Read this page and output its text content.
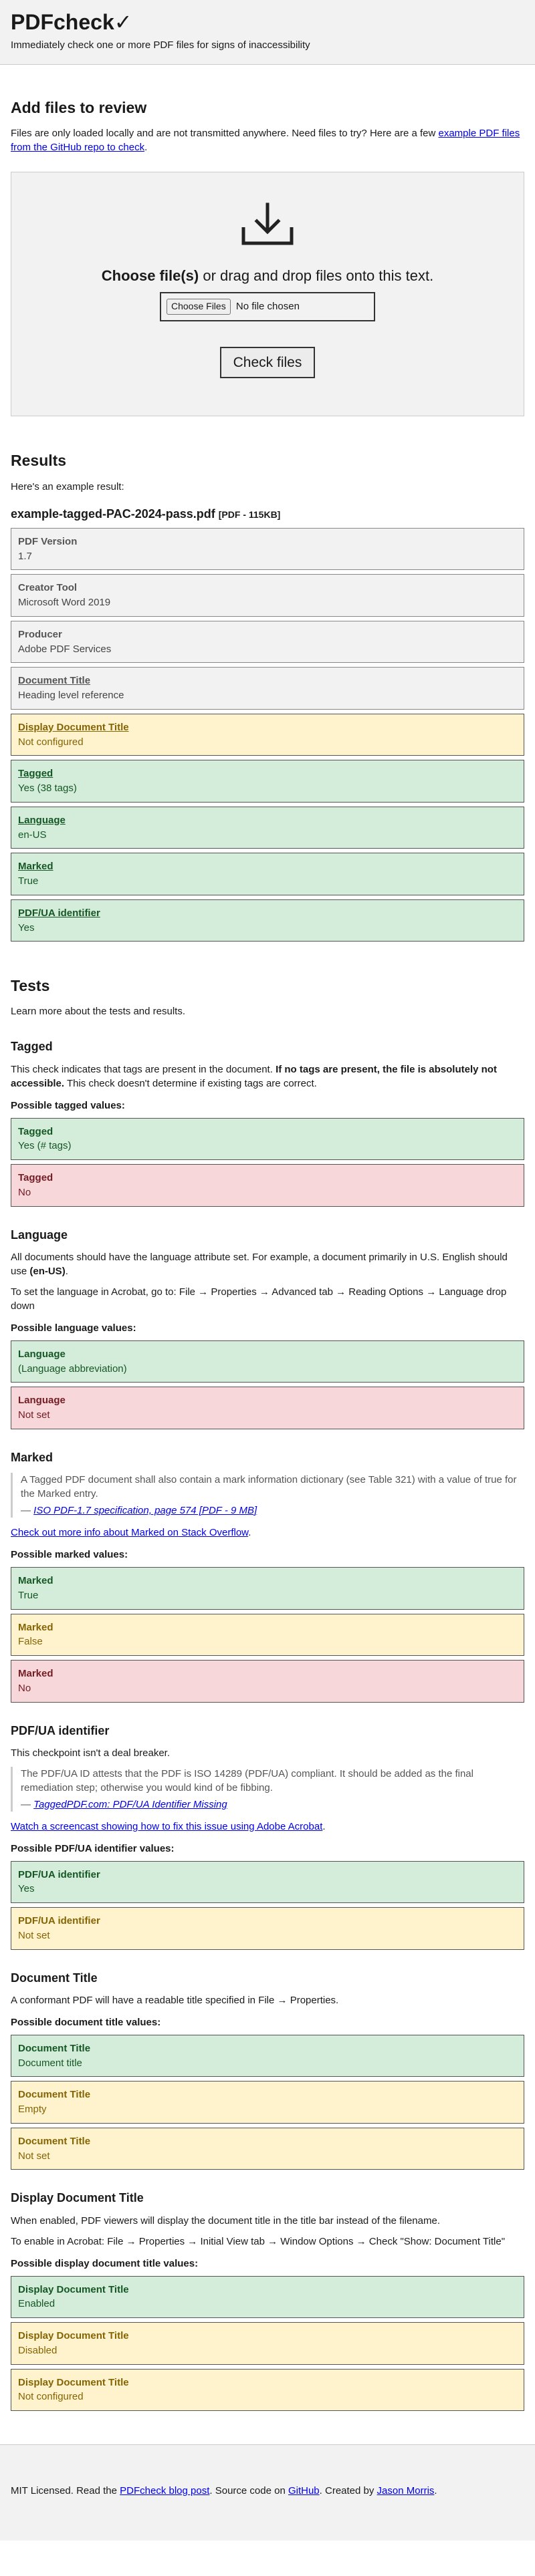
PDFcheck✓

Immediately check one or more PDF files for signs of inaccessibility

Add files to review

Files are only loaded locally and are not transmitted anywhere. Need files to try? Here are a few example PDF files from the GitHub repo to check.

Choose file(s) or drag and drop files onto this text.
Choose Files No file chosen
Check files
Results

Here's an example result:

example-tagged-PAC-2024-pass.pdf [PDF - 115KB]
PDF Version
1.7
Creator Tool
Microsoft Word 2019
Producer
Adobe PDF Services
Document Title
Heading level reference
Display Document Title
Not configured
Tagged
Yes (38 tags)
Language
en-US
Marked
True
PDF/UA identifier
Yes
Tests

Learn more about the tests and results.

Tagged

This check indicates that tags are present in the document. If no tags are present, the file is absolutely not accessible. This check doesn't determine if existing tags are correct.

Possible tagged values:
Tagged
Yes (# tags)
Tagged
No
Language

All documents should have the language attribute set. For example, a document primarily in U.S. English should use (en-US).

To set the language in Acrobat, go to: File → Properties → Advanced tab → Reading Options → Language drop down

Possible language values:
Language
(Language abbreviation)
Language
Not set
Marked

A Tagged PDF document shall also contain a mark information dictionary (see Table 321) with a value of true for the Marked entry.

— ISO PDF-1.7 specification, page 574 [PDF - 9 MB]

Check out more info about Marked on Stack Overflow.

Possible marked values:
Marked
True
Marked
False
Marked
No
PDF/UA identifier

This checkpoint isn't a deal breaker.

The PDF/UA ID attests that the PDF is ISO 14289 (PDF/UA) compliant. It should be added as the final remediation step; otherwise you would kind of be fibbing.

— TaggedPDF.com: PDF/UA Identifier Missing

Watch a screencast showing how to fix this issue using Adobe Acrobat.

Possible PDF/UA identifier values:
PDF/UA identifier
Yes
PDF/UA identifier
Not set
Document Title

A conformant PDF will have a readable title specified in File → Properties.

Possible document title values:
Document Title
Document title
Document Title
Empty
Document Title
Not set
Display Document Title

When enabled, PDF viewers will display the document title in the title bar instead of the filename.

To enable in Acrobat: File → Properties → Initial View tab → Window Options → Check "Show: Document Title"

Possible display document title values:
Display Document Title
Enabled
Display Document Title
Disabled
Display Document Title
Not configured

MIT Licensed. Read the PDFcheck blog post. Source code on GitHub. Created by Jason Morris.
